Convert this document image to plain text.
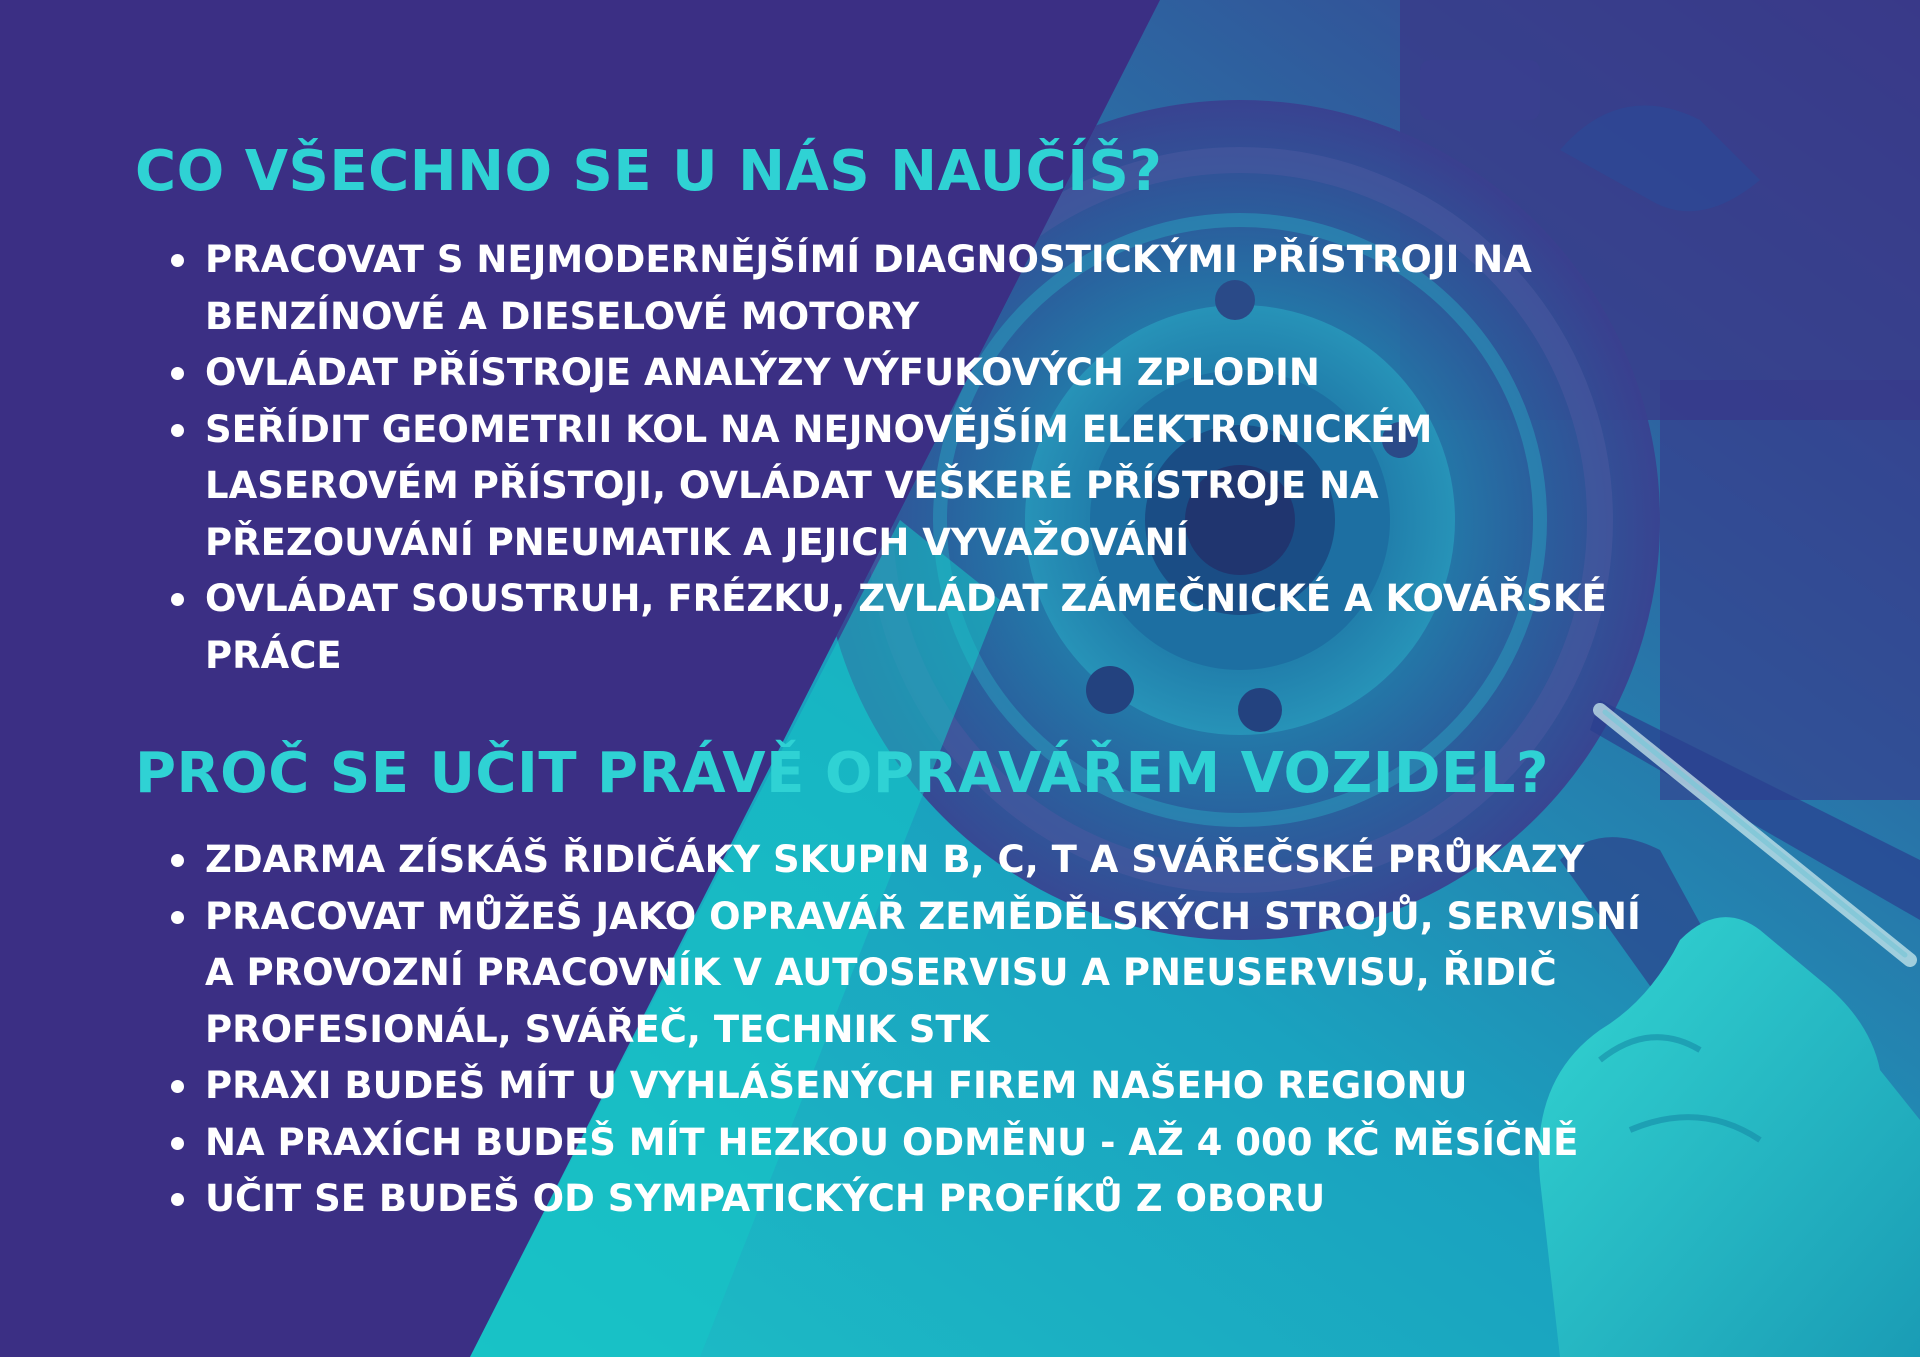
CO VŠECHNO SE U NÁS NAUČÍŠ?
PRACOVAT S NEJMODERNĚJŠÍMÍ DIAGNOSTICKÝMI PŘÍSTROJI NA
BENZÍNOVÉ A DIESELOVÉ MOTORY
OVLÁDAT PŘÍSTROJE ANALÝZY VÝFUKOVÝCH ZPLODIN
SEŘÍDIT GEOMETRII KOL NA NEJNOVĚJŠÍM ELEKTRONICKÉM
LASEROVÉM PŘÍSTOJI, OVLÁDAT VEŠKERÉ PŘÍSTROJE NA
PŘEZOUVÁNÍ PNEUMATIK A JEJICH VYVAŽOVÁNÍ
OVLÁDAT SOUSTRUH, FRÉZKU, ZVLÁDAT ZÁMEČNICKÉ A KOVÁŘSKÉ
PRÁCE
PROČ SE UČIT PRÁVĚ OPRAVÁŘEM VOZIDEL?
ZDARMA ZÍSKÁŠ ŘIDIČÁKY SKUPIN B, C, T A SVÁŘEČSKÉ PRŮKAZY
PRACOVAT MŮŽEŠ JAKO OPRAVÁŘ ZEMĚDĚLSKÝCH STROJŮ, SERVISNÍ
A PROVOZNÍ PRACOVNÍK V AUTOSERVISU A PNEUSERVISU, ŘIDIČ
PROFESIONÁL, SVÁŘEČ, TECHNIK STK
PRAXI BUDEŠ MÍT U VYHLÁŠENÝCH FIREM NAŠEHO REGIONU
NA PRAXÍCH BUDEŠ MÍT HEZKOU ODMĚNU - AŽ 4 000 KČ MĚSÍČNĚ
UČIT SE BUDEŠ OD SYMPATICKÝCH PROFÍKŮ Z OBORU
